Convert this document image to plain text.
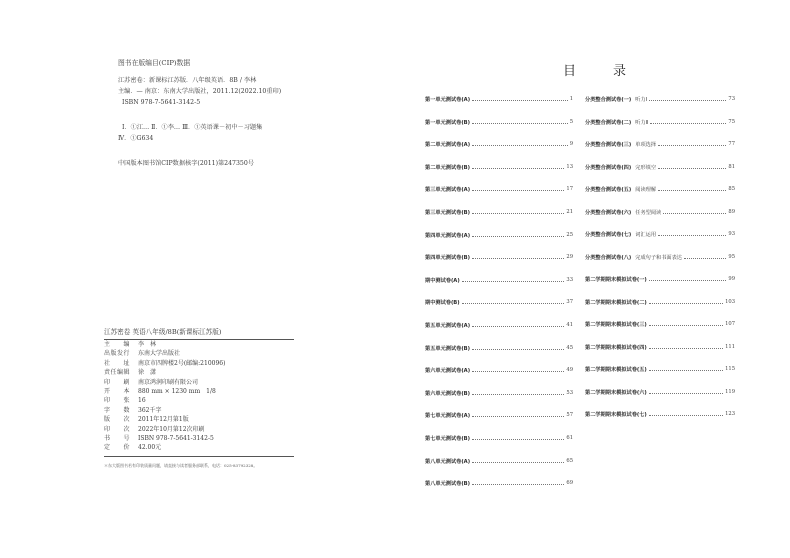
图书在版编目(CIP)数据
江苏密卷：新课标江苏版．八年级英语．8B / 李林
主编．— 南京：东南大学出版社，2011.12(2022.10重印)
ISBN 978-7-5641-3142-5
Ⅰ．①江… Ⅱ．①李… Ⅲ．①英语课－初中－习题集
Ⅳ．①G634
中国版本图书馆CIP数据核字(2011)第247350号
江苏密卷 英语八年级/8B(新课标江苏版)
主　　编	李　林
出版发行	东南大学出版社
社　　址	南京市四牌楼2号(邮编:210096)
责任编辑	徐　潇
印　　刷	南京鸿润印刷有限公司
开　　本	880 mm × 1230 mm　1/8
印　　张	16
字　　数	362千字
版　　次	2011年12月第1版
印　　次	2022年10月第12次印刷
书　　号	ISBN 978-7-5641-3142-5
定　　价	42.00元
＊东大版图书若有印装质量问题，请直接与读者服务部联系，电话：025-83792328。
目　录
第一单元测试卷(A)	1
第一单元测试卷(B)	5
第二单元测试卷(A)	9
第二单元测试卷(B)	13
第三单元测试卷(A)	17
第三单元测试卷(B)	21
第四单元测试卷(A)	25
第四单元测试卷(B)	29
期中测试卷(A)	33
期中测试卷(B)	37
第五单元测试卷(A)	41
第五单元测试卷(B)	45
第六单元测试卷(A)	49
第六单元测试卷(B)	53
第七单元测试卷(A)	57
第七单元测试卷(B)	61
第八单元测试卷(A)	65
第八单元测试卷(B)	69
分类整合测试卷(一) 听力Ⅰ	73
分类整合测试卷(二) 听力Ⅱ	75
分类整合测试卷(三) 单项选择	77
分类整合测试卷(四) 完形填空	81
分类整合测试卷(五) 阅读理解	85
分类整合测试卷(六) 任务型阅读	89
分类整合测试卷(七) 词汇运用	93
分类整合测试卷(八) 完成句子和书面表达	95
第二学期期末模拟试卷(一)	99
第二学期期末模拟试卷(二)	103
第二学期期末模拟试卷(三)	107
第二学期期末模拟试卷(四)	111
第二学期期末模拟试卷(五)	115
第二学期期末模拟试卷(六)	119
第二学期期末模拟试卷(七)	123
